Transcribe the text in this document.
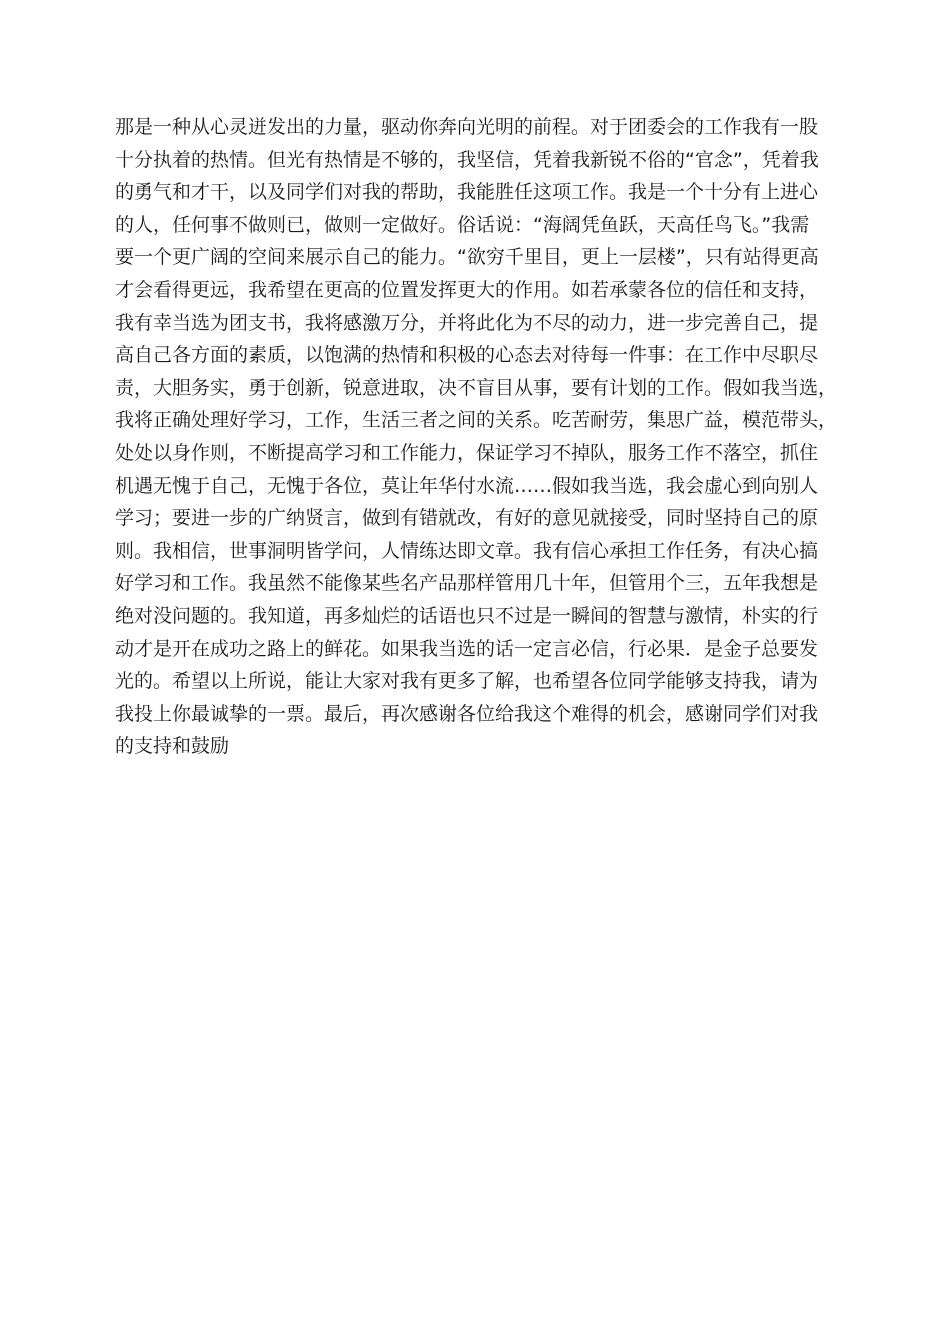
那是一种从心灵迸发出的力量，驱动你奔向光明的前程。对于团委会的工作我有一股
十分执着的热情。但光有热情是不够的，我坚信，凭着我新锐不俗的“官念”，凭着我
的勇气和才干，以及同学们对我的帮助，我能胜任这项工作。我是一个十分有上进心
的人，任何事不做则已，做则一定做好。俗话说：“海阔凭鱼跃，天高任鸟飞。”我需
要一个更广阔的空间来展示自己的能力。“欲穷千里目，更上一层楼”，只有站得更高
才会看得更远，我希望在更高的位置发挥更大的作用。如若承蒙各位的信任和支持，
我有幸当选为团支书，我将感激万分，并将此化为不尽的动力，进一步完善自己，提
高自己各方面的素质，以饱满的热情和积极的心态去对待每一件事：在工作中尽职尽
责，大胆务实，勇于创新，锐意进取，决不盲目从事，要有计划的工作。假如我当选，
我将正确处理好学习，工作，生活三者之间的关系。吃苦耐劳，集思广益，模范带头，
处处以身作则，不断提高学习和工作能力，保证学习不掉队，服务工作不落空，抓住
机遇无愧于自己，无愧于各位，莫让年华付水流……假如我当选，我会虚心到向别人
学习；要进一步的广纳贤言，做到有错就改，有好的意见就接受，同时坚持自己的原
则。我相信，世事洞明皆学问，人情练达即文章。我有信心承担工作任务，有决心搞
好学习和工作。我虽然不能像某些名产品那样管用几十年，但管用个三，五年我想是
绝对没问题的。我知道，再多灿烂的话语也只不过是一瞬间的智慧与激情，朴实的行
动才是开在成功之路上的鲜花。如果我当选的话一定言必信，行必果．是金子总要发
光的。希望以上所说，能让大家对我有更多了解，也希望各位同学能够支持我，请为
我投上你最诚挚的一票。最后，再次感谢各位给我这个难得的机会，感谢同学们对我
的支持和鼓励
